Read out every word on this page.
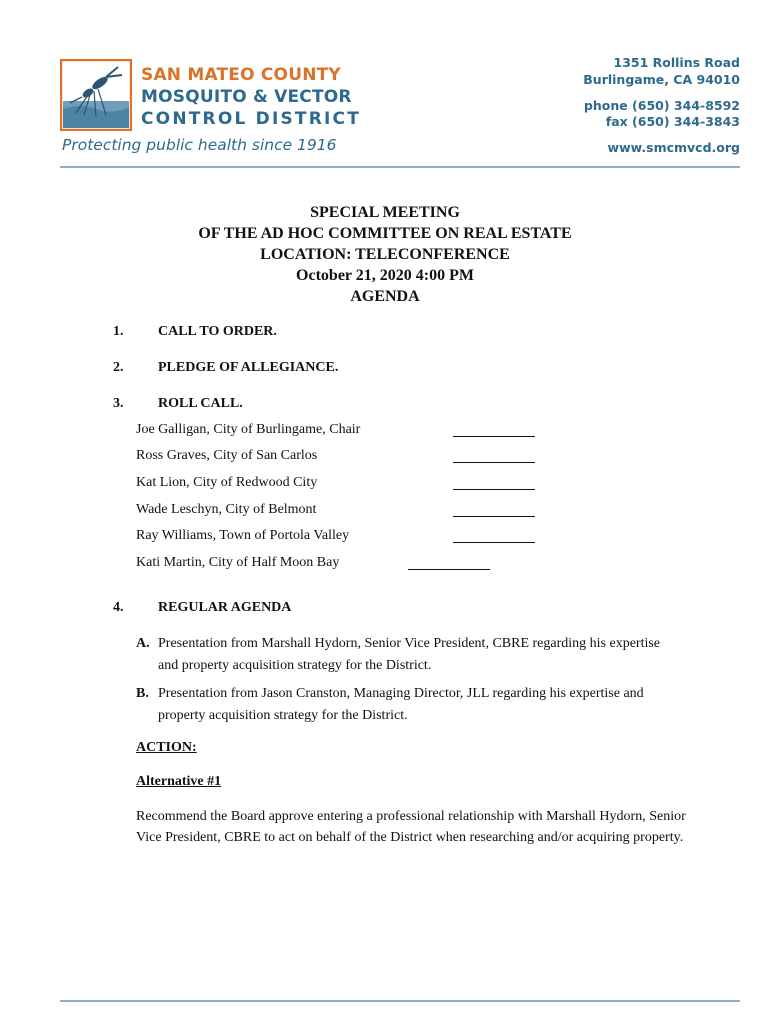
SAN MATEO COUNTY
MOSQUITO & VECTOR
CONTROL DISTRICT
Protecting public health since 1916
1351 Rollins Road
Burlingame, CA 94010
phone (650) 344-8592
fax (650) 344-3843
www.smcmvcd.org
SPECIAL MEETING
OF THE AD HOC COMMITTEE ON REAL ESTATE
LOCATION: TELECONFERENCE
October 21, 2020 4:00 PM
AGENDA
1. CALL TO ORDER.
2. PLEDGE OF ALLEGIANCE.
3. ROLL CALL.
Joe Galligan, City of Burlingame, Chair
Ross Graves, City of San Carlos
Kat Lion, City of Redwood City
Wade Leschyn, City of Belmont
Ray Williams, Town of Portola Valley
Kati Martin, City of Half Moon Bay
4. REGULAR AGENDA
A. Presentation from Marshall Hydorn, Senior Vice President, CBRE regarding his expertise and property acquisition strategy for the District.
B. Presentation from Jason Cranston, Managing Director, JLL regarding his expertise and property acquisition strategy for the District.
ACTION:
Alternative #1
Recommend the Board approve entering a professional relationship with Marshall Hydorn, Senior Vice President, CBRE to act on behalf of the District when researching and/or acquiring property.
